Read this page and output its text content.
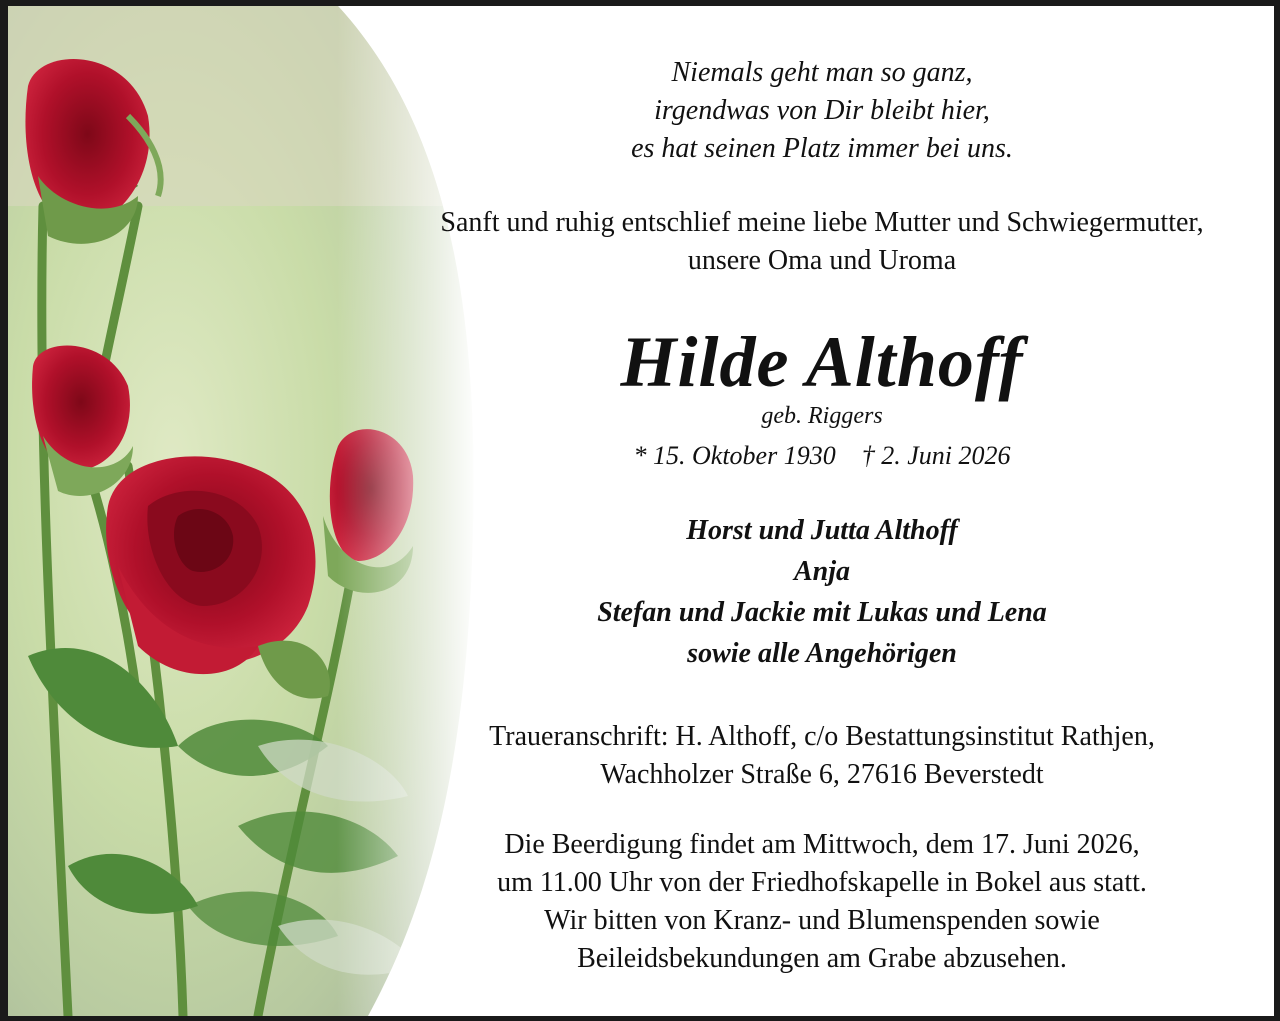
Niemals geht man so ganz,
irgendwas von Dir bleibt hier,
es hat seinen Platz immer bei uns.
Sanft und ruhig entschlief meine liebe Mutter und Schwiegermutter,
unsere Oma und Uroma
Hilde Althoff
geb. Riggers
* 15. Oktober 1930 † 2. Juni 2026
Horst und Jutta Althoff
Anja
Stefan und Jackie mit Lukas und Lena
sowie alle Angehörigen
Traueranschrift: H. Althoff, c/o Bestattungsinstitut Rathjen,
Wachholzer Straße 6, 27616 Beverstedt
Die Beerdigung findet am Mittwoch, dem 17. Juni 2026,
um 11.00 Uhr von der Friedhofskapelle in Bokel aus statt.
Wir bitten von Kranz- und Blumenspenden sowie
Beileidsbekundungen am Grabe abzusehen.
